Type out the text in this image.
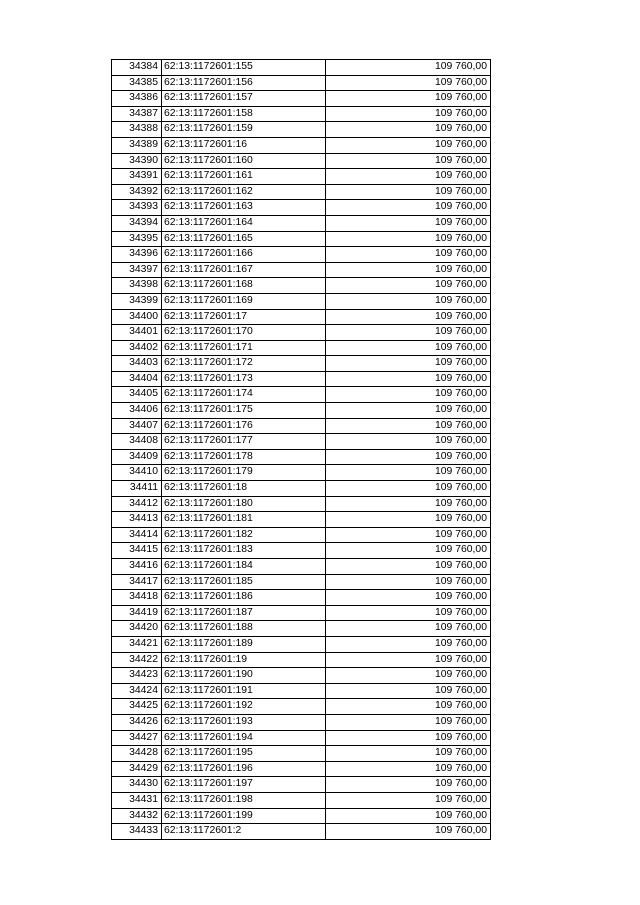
34384	62:13:1172601:155	109 760,00
34385	62:13:1172601:156	109 760,00
34386	62:13:1172601:157	109 760,00
34387	62:13:1172601:158	109 760,00
34388	62:13:1172601:159	109 760,00
34389	62:13:1172601:16	109 760,00
34390	62:13:1172601:160	109 760,00
34391	62:13:1172601:161	109 760,00
34392	62:13:1172601:162	109 760,00
34393	62:13:1172601:163	109 760,00
34394	62:13:1172601:164	109 760,00
34395	62:13:1172601:165	109 760,00
34396	62:13:1172601:166	109 760,00
34397	62:13:1172601:167	109 760,00
34398	62:13:1172601:168	109 760,00
34399	62:13:1172601:169	109 760,00
34400	62:13:1172601:17	109 760,00
34401	62:13:1172601:170	109 760,00
34402	62:13:1172601:171	109 760,00
34403	62:13:1172601:172	109 760,00
34404	62:13:1172601:173	109 760,00
34405	62:13:1172601:174	109 760,00
34406	62:13:1172601:175	109 760,00
34407	62:13:1172601:176	109 760,00
34408	62:13:1172601:177	109 760,00
34409	62:13:1172601:178	109 760,00
34410	62:13:1172601:179	109 760,00
34411	62:13:1172601:18	109 760,00
34412	62:13:1172601:180	109 760,00
34413	62:13:1172601:181	109 760,00
34414	62:13:1172601:182	109 760,00
34415	62:13:1172601:183	109 760,00
34416	62:13:1172601:184	109 760,00
34417	62:13:1172601:185	109 760,00
34418	62:13:1172601:186	109 760,00
34419	62:13:1172601:187	109 760,00
34420	62:13:1172601:188	109 760,00
34421	62:13:1172601:189	109 760,00
34422	62:13:1172601:19	109 760,00
34423	62:13:1172601:190	109 760,00
34424	62:13:1172601:191	109 760,00
34425	62:13:1172601:192	109 760,00
34426	62:13:1172601:193	109 760,00
34427	62:13:1172601:194	109 760,00
34428	62:13:1172601:195	109 760,00
34429	62:13:1172601:196	109 760,00
34430	62:13:1172601:197	109 760,00
34431	62:13:1172601:198	109 760,00
34432	62:13:1172601:199	109 760,00
34433	62:13:1172601:2	109 760,00
